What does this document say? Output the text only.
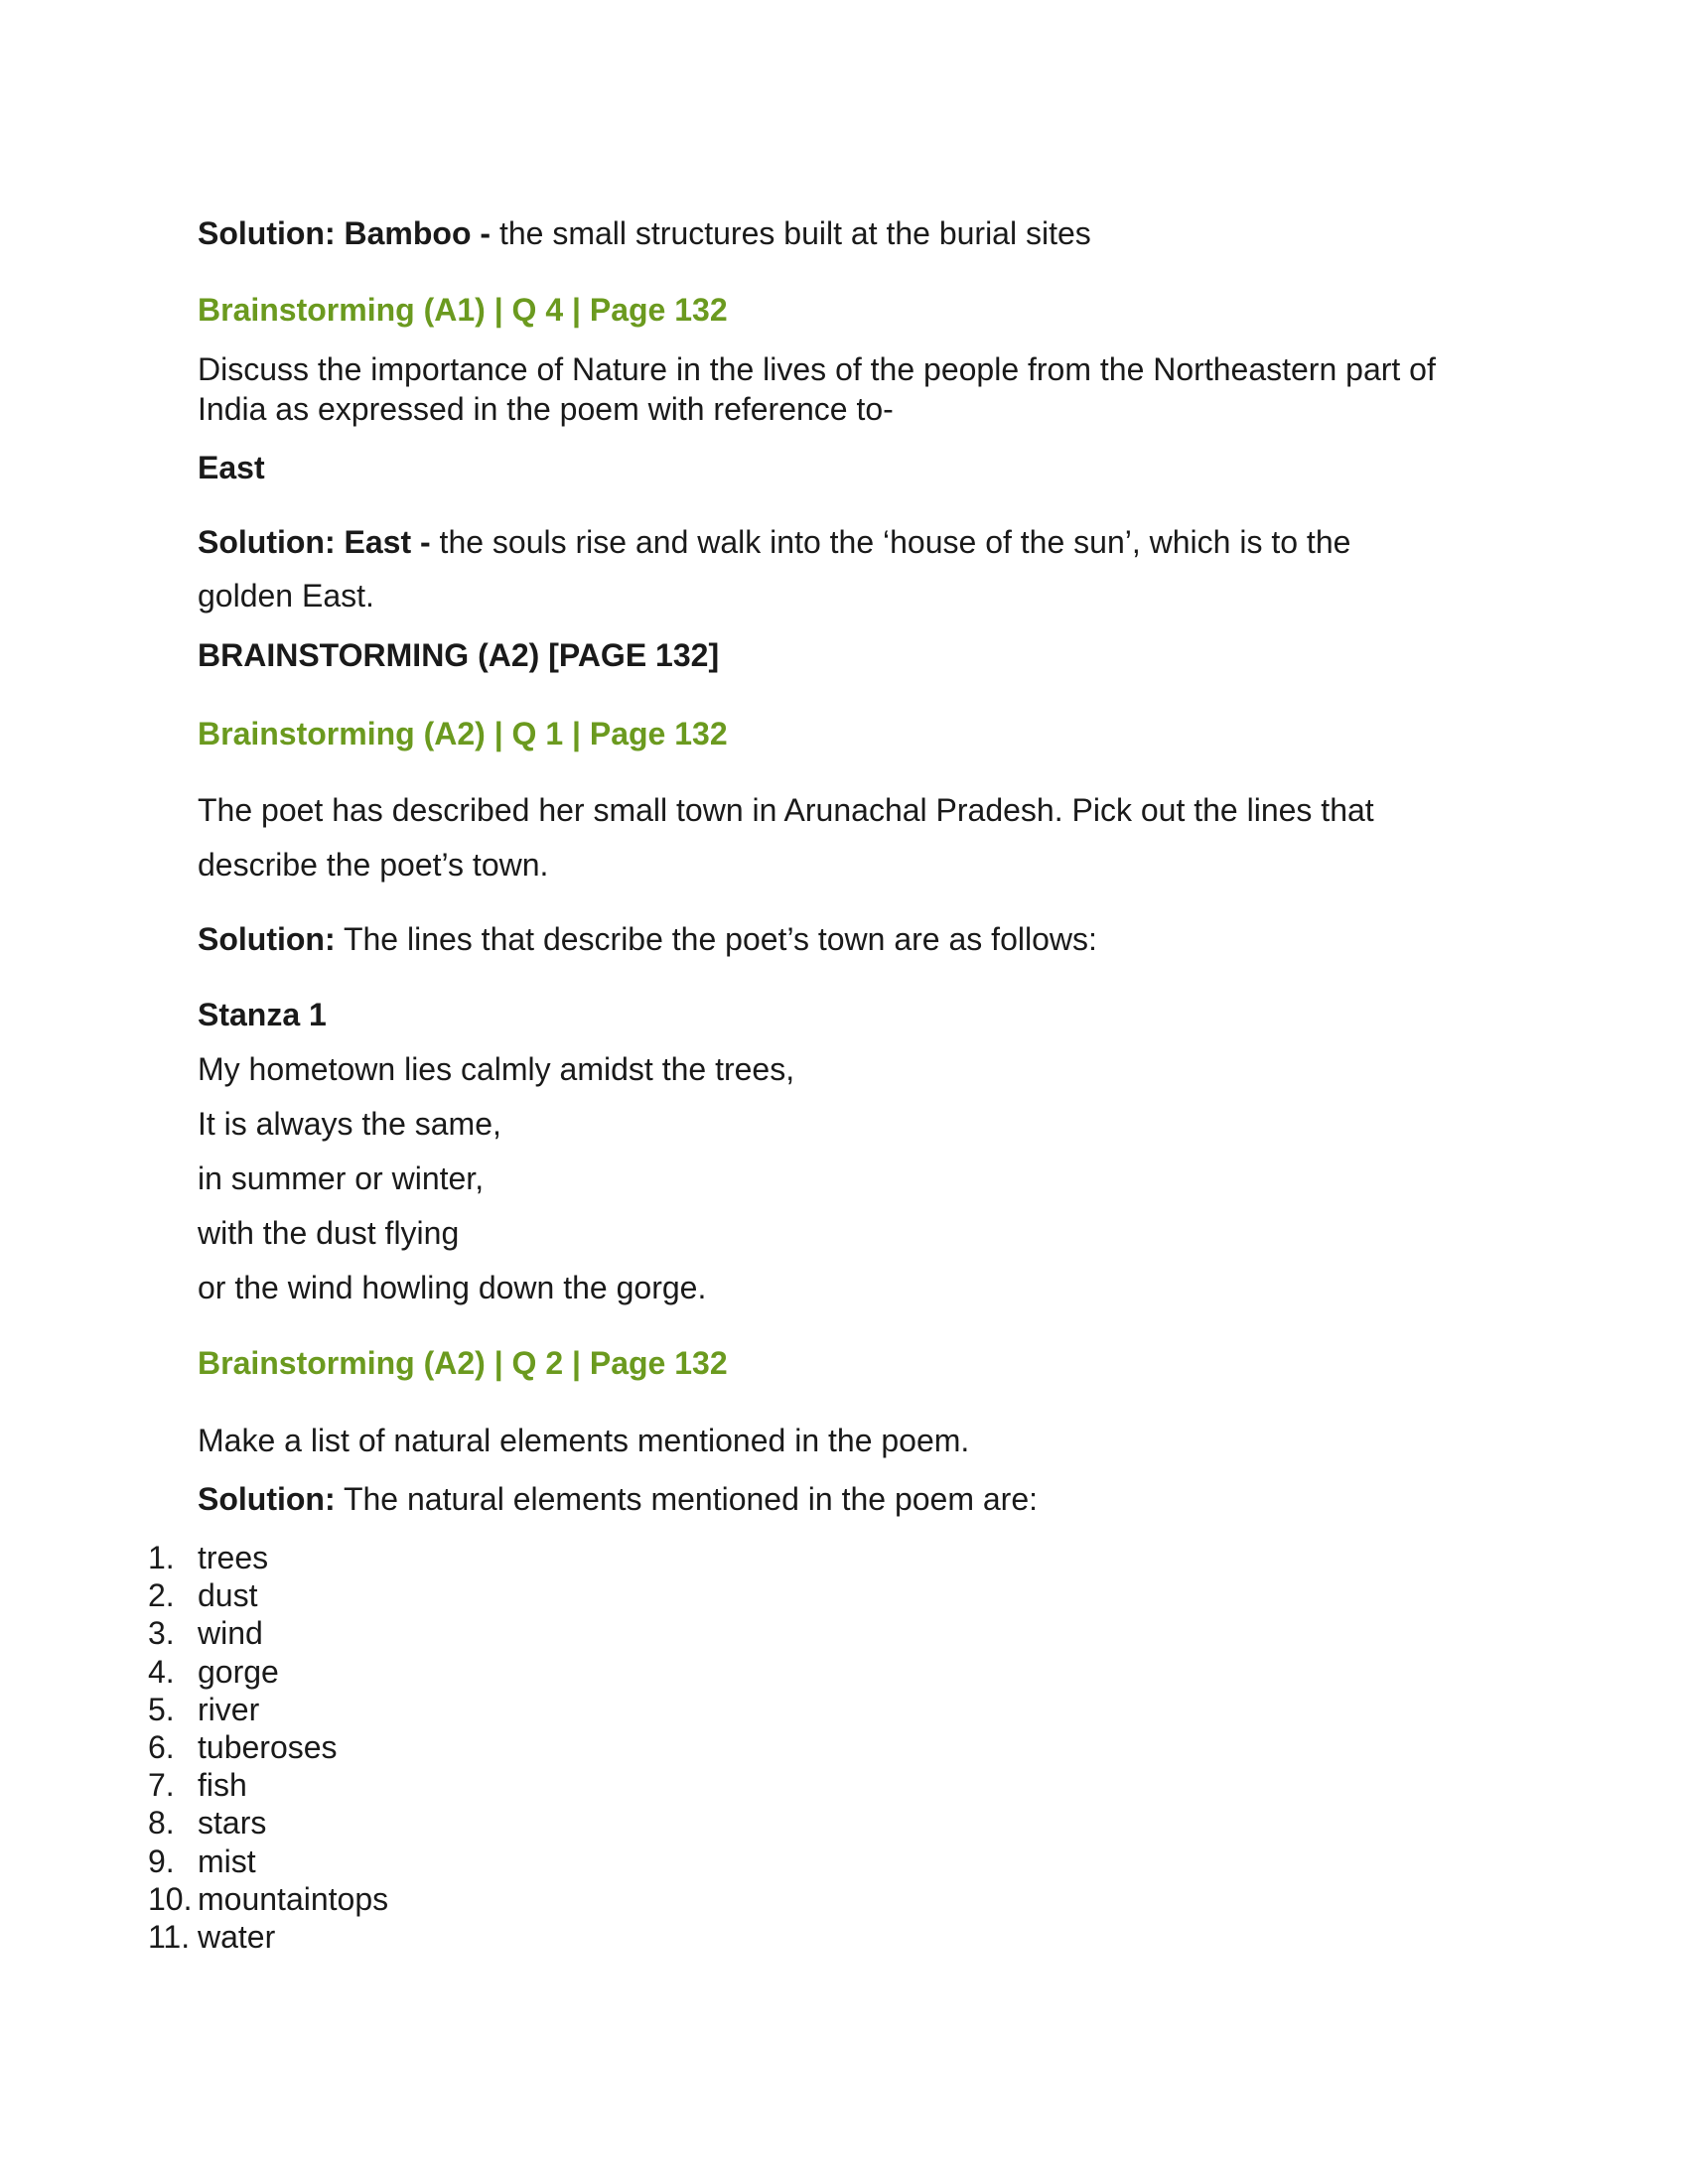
Solution: Bamboo - the small structures built at the burial sites
Brainstorming (A1) | Q 4 | Page 132
Discuss the importance of Nature in the lives of the people from the Northeastern part of India as expressed in the poem with reference to-
East
Solution: East - the souls rise and walk into the ‘house of the sun’, which is to the
golden East.
BRAINSTORMING (A2) [PAGE 132]
Brainstorming (A2) | Q 1 | Page 132
The poet has described her small town in Arunachal Pradesh. Pick out the lines that
describe the poet’s town.
Solution: The lines that describe the poet’s town are as follows:
Stanza 1
My hometown lies calmly amidst the trees,
It is always the same,
in summer or winter,
with the dust flying
or the wind howling down the gorge.
Brainstorming (A2) | Q 2 | Page 132
Make a list of natural elements mentioned in the poem.
Solution: The natural elements mentioned in the poem are:
1. trees
2. dust
3. wind
4. gorge
5. river
6. tuberoses
7. fish
8. stars
9. mist
10. mountaintops
11. water
